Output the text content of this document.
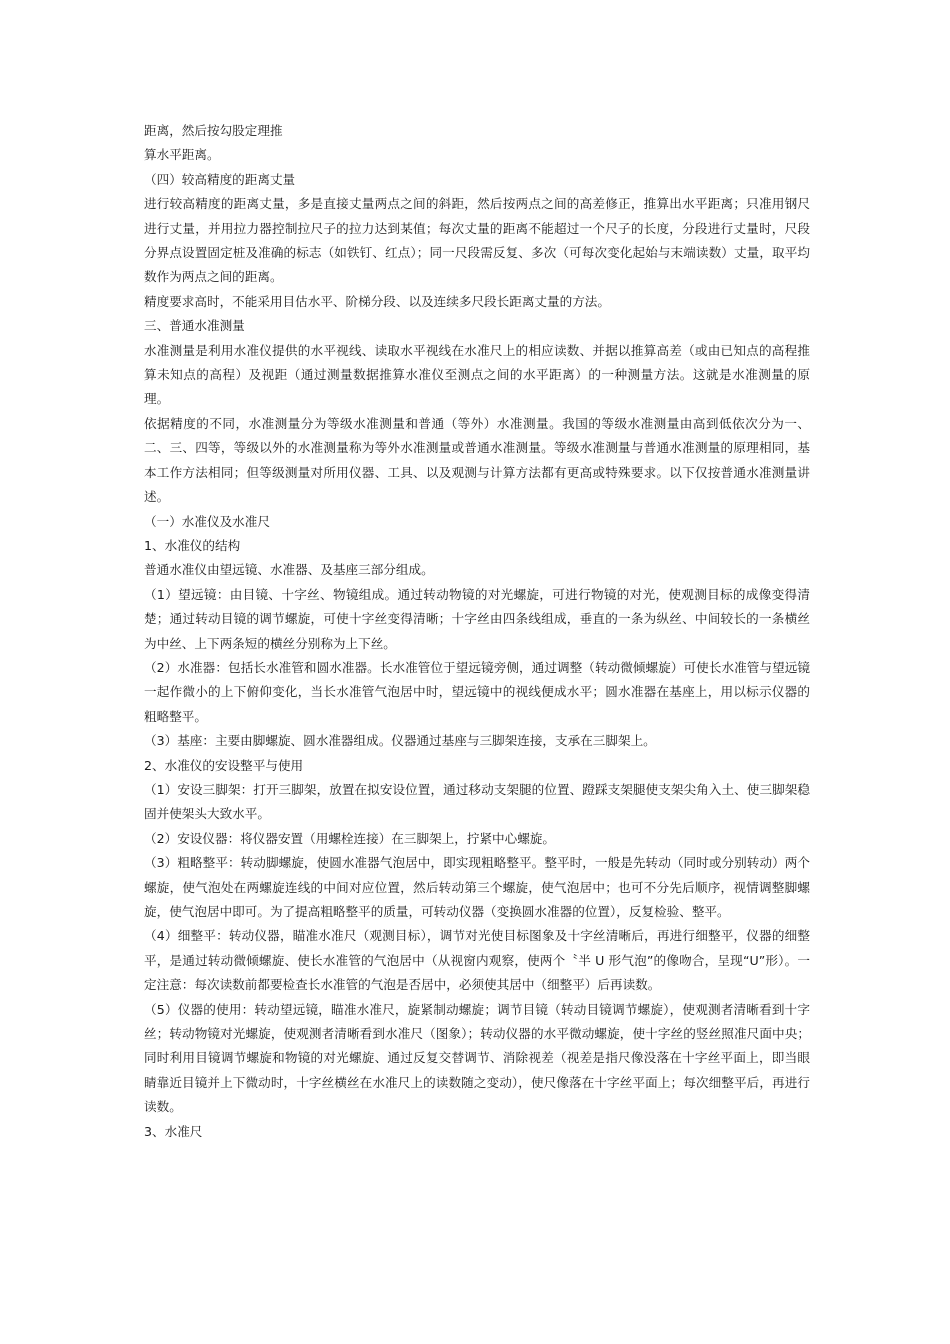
距离，然后按勾股定理推

算水平距离。

（四）较高精度的距离丈量

进行较高精度的距离丈量，多是直接丈量两点之间的斜距，然后按两点之间的高差修正，推算出水平距离；只准用钢尺进行丈量，并用拉力器控制拉尺子的拉力达到某值；每次丈量的距离不能超过一个尺子的长度，分段进行丈量时，尺段分界点设置固定桩及准确的标志（如铁钉、红点）；同一尺段需反复、多次（可每次变化起始与末端读数）丈量，取平均数作为两点之间的距离。

精度要求高时，不能采用目估水平、阶梯分段、以及连续多尺段长距离丈量的方法。

三、普通水准测量

水准测量是利用水准仪提供的水平视线、读取水平视线在水准尺上的相应读数、并据以推算高差（或由已知点的高程推算未知点的高程）及视距（通过测量数据推算水准仪至测点之间的水平距离）的一种测量方法。这就是水准测量的原理。

依据精度的不同，水准测量分为等级水准测量和普通（等外）水准测量。我国的等级水准测量由高到低依次分为一、二、三、四等，等级以外的水准测量称为等外水准测量或普通水准测量。等级水准测量与普通水准测量的原理相同，基本工作方法相同；但等级测量对所用仪器、工具、以及观测与计算方法都有更高或特殊要求。以下仅按普通水准测量讲述。

（一）水准仪及水准尺

1、水准仪的结构

普通水准仪由望远镜、水准器、及基座三部分组成。

（1）望远镜：由目镜、十字丝、物镜组成。通过转动物镜的对光螺旋，可进行物镜的对光，使观测目标的成像变得清楚；通过转动目镜的调节螺旋，可使十字丝变得清晰；十字丝由四条线组成，垂直的一条为纵丝、中间较长的一条横丝为中丝、上下两条短的横丝分别称为上下丝。

（2）水准器：包括长水准管和圆水准器。长水准管位于望远镜旁侧，通过调整（转动微倾螺旋）可使长水准管与望远镜一起作微小的上下俯仰变化，当长水准管气泡居中时，望远镜中的视线便成水平；圆水准器在基座上，用以标示仪器的粗略整平。

（3）基座：主要由脚螺旋、圆水准器组成。仪器通过基座与三脚架连接，支承在三脚架上。

2、水准仪的安设整平与使用

（1）安设三脚架：打开三脚架，放置在拟安设位置，通过移动支架腿的位置、蹬踩支架腿使支架尖角入土、使三脚架稳固并使架头大致水平。

（2）安设仪器：将仪器安置（用螺栓连接）在三脚架上，拧紧中心螺旋。

（3）粗略整平：转动脚螺旋，使圆水准器气泡居中，即实现粗略整平。整平时，一般是先转动（同时或分别转动）两个螺旋，使气泡处在两螺旋连线的中间对应位置，然后转动第三个螺旋，使气泡居中；也可不分先后顺序，视情调整脚螺旋，使气泡居中即可。为了提高粗略整平的质量，可转动仪器（变换圆水准器的位置），反复检验、整平。

（4）细整平：转动仪器，瞄准水准尺（观测目标），调节对光使目标图象及十字丝清晰后，再进行细整平，仪器的细整平，是通过转动微倾螺旋、使长水准管的气泡居中（从视窗内观察，使两个〝半 U 形气泡”的像吻合，呈现“U”形）。一定注意：每次读数前都要检查长水准管的气泡是否居中，必须使其居中（细整平）后再读数。

（5）仪器的使用：转动望远镜，瞄准水准尺，旋紧制动螺旋；调节目镜（转动目镜调节螺旋），使观测者清晰看到十字丝；转动物镜对光螺旋，使观测者清晰看到水准尺（图象）；转动仪器的水平微动螺旋，使十字丝的竖丝照准尺面中央；同时利用目镜调节螺旋和物镜的对光螺旋、通过反复交替调节、消除视差（视差是指尺像没落在十字丝平面上，即当眼睛靠近目镜并上下微动时，十字丝横丝在水准尺上的读数随之变动），使尺像落在十字丝平面上；每次细整平后，再进行读数。

3、水准尺
